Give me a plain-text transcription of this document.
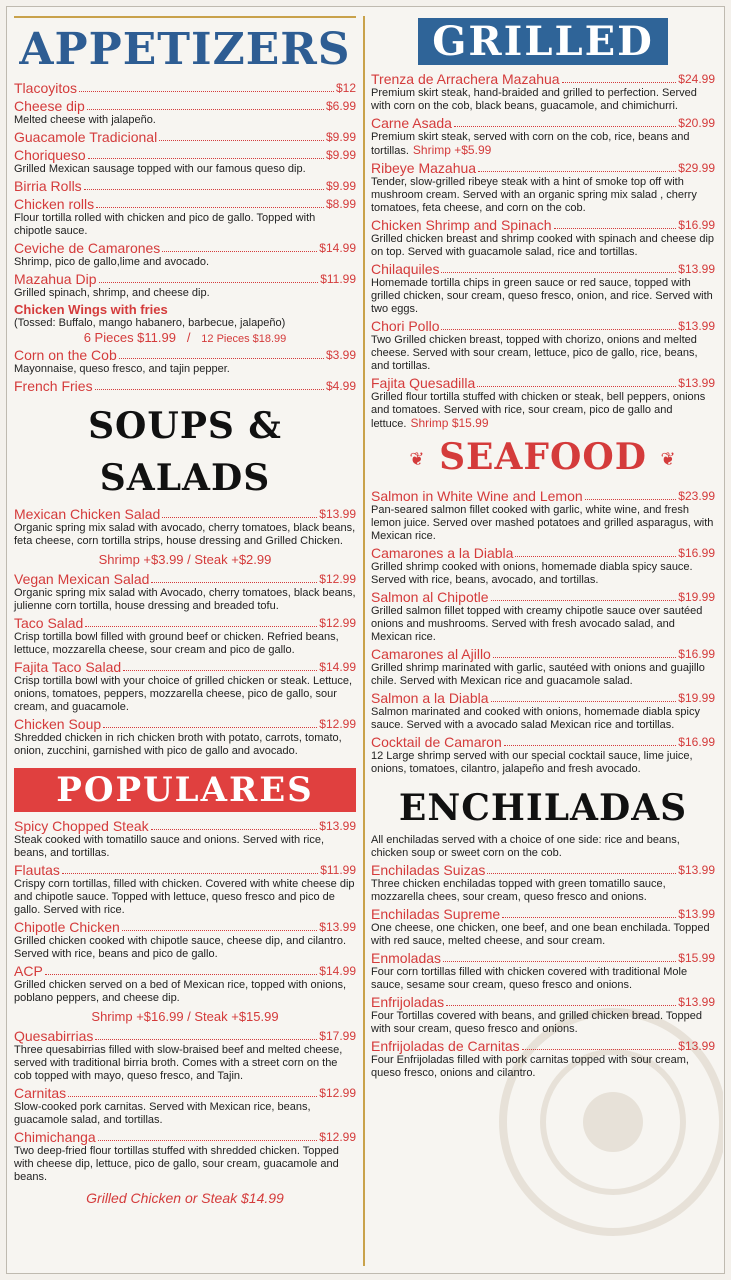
APPETIZERS
Tlacoyitos	$12
Cheese dip	$6.99
Melted cheese with jalapeño.
Guacamole Tradicional	$9.99
Choriqueso	$9.99
Grilled Mexican sausage topped with our famous queso dip.
Birria Rolls	$9.99
Chicken rolls	$8.99
Flour tortilla rolled with chicken and pico de gallo. Topped with chipotle sauce.
Ceviche de Camarones	$14.99
Shrimp, pico de gallo,lime and avocado.
Mazahua Dip	$11.99
Grilled spinach, shrimp, and cheese dip.
Chicken Wings with fries
(Tossed: Buffalo, mango habanero, barbecue, jalapeño)
6 Pieces $11.99   /   12 Pieces $18.99
Corn on the Cob	$3.99
Mayonnaise, queso fresco, and tajin pepper.
French Fries	$4.99
SOUPS & SALADS
Mexican Chicken Salad	$13.99
Organic spring mix salad with avocado, cherry tomatoes, black beans, feta cheese, corn tortilla strips, house dressing and Grilled Chicken.
Shrimp +$3.99 / Steak +$2.99
Vegan Mexican Salad	$12.99
Organic spring mix salad with Avocado, cherry tomatoes, black beans, julienne corn tortilla, house dressing and breaded tofu.
Taco Salad	$12.99
Crisp tortilla bowl filled with ground beef or chicken. Refried beans, lettuce, mozzarella cheese, sour cream and pico de gallo.
Fajita Taco Salad	$14.99
Crisp tortilla bowl with your choice of grilled chicken or steak. Lettuce, onions, tomatoes, peppers, mozzarella cheese, pico de gallo, sour cream, and guacamole.
Chicken Soup	$12.99
Shredded chicken in rich chicken broth with potato, carrots, tomato, onion, zucchini, garnished with pico de gallo and avocado.
POPULARES
Spicy Chopped Steak	$13.99
Steak cooked with tomatillo sauce and onions. Served with rice, beans, and tortillas.
Flautas	$11.99
Crispy corn tortillas, filled with chicken. Covered with white cheese dip and chipotle sauce. Topped with lettuce, queso fresco and pico de gallo. Served with rice.
Chipotle Chicken	$13.99
Grilled chicken cooked with chipotle sauce, cheese dip, and cilantro. Served with rice, beans and pico de gallo.
ACP	$14.99
Grilled chicken served on a bed of Mexican rice, topped with onions, poblano peppers, and cheese dip.
Shrimp +$16.99 / Steak +$15.99
Quesabirrias	$17.99
Three quesabirrias filled with slow-braised beef and melted cheese, served with traditional birria broth. Comes with a street corn on the cob topped with mayo, queso fresco, and Tajin.
Carnitas	$12.99
Slow-cooked pork carnitas. Served with Mexican rice, beans, guacamole salad, and tortillas.
Chimichanga	$12.99
Two deep-fried flour tortillas stuffed with shredded chicken. Topped with cheese dip, lettuce, pico de gallo, sour cream, guacamole and beans.
Grilled Chicken or Steak $14.99
GRILLED
Trenza de Arrachera Mazahua	$24.99
Premium skirt steak, hand-braided and grilled to perfection. Served with corn on the cob, black beans, guacamole, and chimichurri.
Carne Asada	$20.99
Premium skirt steak, served with corn on the cob, rice, beans and tortillas. Shrimp +$5.99
Ribeye Mazahua	$29.99
Tender, slow-grilled ribeye steak with a hint of smoke top off with mushroom cream. Served with an organic spring mix salad , cherry tomatoes, feta cheese, and corn on the cob.
Chicken Shrimp and Spinach	$16.99
Grilled chicken breast and shrimp cooked with spinach and cheese dip on top. Served with guacamole salad, rice and tortillas.
Chilaquiles	$13.99
Homemade tortilla chips in green sauce or red sauce, topped with grilled chicken, sour cream, queso fresco, onion, and rice. Served with two eggs.
Chori Pollo	$13.99
Two Grilled chicken breast, topped with chorizo, onions and melted cheese. Served with sour cream, lettuce, pico de gallo, rice, beans, and tortillas.
Fajita Quesadilla	$13.99
Grilled flour tortilla stuffed with chicken or steak, bell peppers, onions and tomatoes. Served with rice, sour cream, pico de gallo and lettuce. Shrimp $15.99
❦ SEAFOOD ❦
Salmon in White Wine and Lemon	$23.99
Pan-seared salmon fillet cooked with garlic, white wine, and fresh lemon juice. Served over mashed potatoes and grilled asparagus, with Mexican rice.
Camarones a la Diabla	$16.99
Grilled shrimp cooked with onions, homemade diabla spicy sauce. Served with rice, beans, avocado, and tortillas.
Salmon al Chipotle	$19.99
Grilled salmon fillet topped with creamy chipotle sauce over sautéed onions and mushrooms. Served with fresh avocado salad, and Mexican rice.
Camarones al Ajillo	$16.99
Grilled shrimp marinated with garlic, sautéed with onions and guajillo chile. Served with Mexican rice and guacamole salad.
Salmon a la Diabla	$19.99
Salmon marinated and cooked with onions, homemade diabla spicy sauce. Served with a avocado salad Mexican rice and tortillas.
Cocktail de Camaron	$16.99
12 Large shrimp served with our special cocktail sauce, lime juice, onions, tomatoes, cilantro, jalapeño and fresh avocado.
ENCHILADAS
All enchiladas served with a choice of one side: rice and beans, chicken soup or sweet corn on the cob.
Enchiladas Suizas	$13.99
Three chicken enchiladas topped with green tomatillo sauce, mozzarella chees, sour cream, queso fresco and onions.
Enchiladas Supreme	$13.99
One cheese, one chicken, one beef, and one bean enchilada. Topped with red sauce, melted cheese, and sour cream.
Enmoladas	$15.99
Four corn tortillas filled with chicken covered with traditional Mole sauce, sesame sour cream, queso fresco and onions.
Enfrijoladas	$13.99
Four Tortillas covered with beans, and grilled chicken bread. Topped with sour cream, queso fresco and onions.
Enfrijoladas de Carnitas	$13.99
Four Enfrijoladas filled with pork carnitas topped with sour cream, queso fresco, onions and cilantro.
